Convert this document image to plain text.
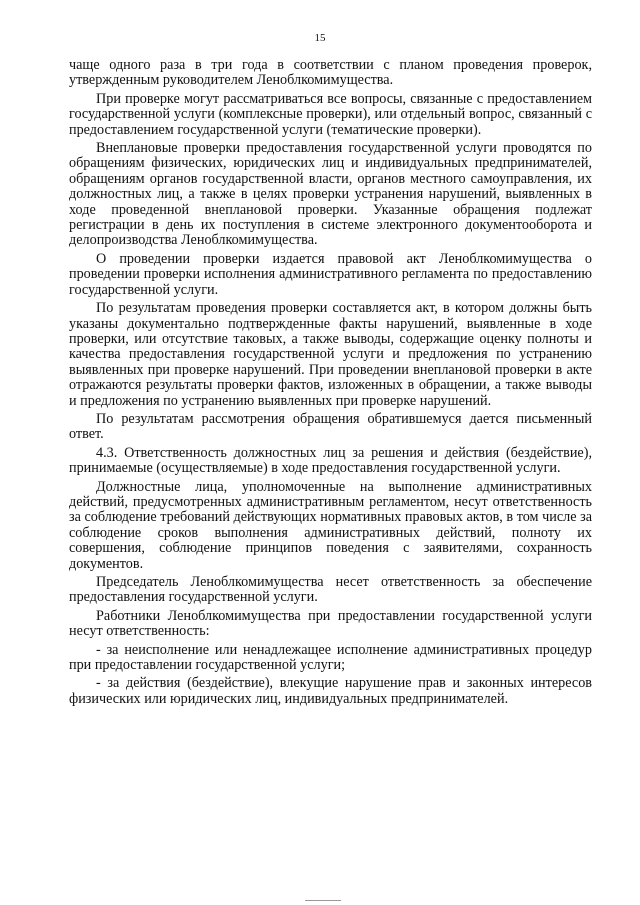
15

чаще одного раза в три года в соответствии с планом проведения проверок, утвержденным руководителем Леноблкомимущества.

При проверке могут рассматриваться все вопросы, связанные с предоставлением государственной услуги (комплексные проверки), или отдельный вопрос, связанный с предоставлением государственной услуги (тематические проверки).

Внеплановые проверки предоставления государственной услуги проводятся по обращениям физических, юридических лиц и индивидуальных предпринимателей, обращениям органов государственной власти, органов местного самоуправления, их должностных лиц, а также в целях проверки устранения нарушений, выявленных в ходе проведенной внеплановой проверки. Указанные обращения подлежат регистрации в день их поступления в системе электронного документооборота и делопроизводства Леноблкомимущества.

О проведении проверки издается правовой акт Леноблкомимущества о проведении проверки исполнения административного регламента по предоставлению государственной услуги.

По результатам проведения проверки составляется акт, в котором должны быть указаны документально подтвержденные факты нарушений, выявленные в ходе проверки, или отсутствие таковых, а также выводы, содержащие оценку полноты и качества предоставления государственной услуги и предложения по устранению выявленных при проверке нарушений. При проведении внеплановой проверки в акте отражаются результаты проверки фактов, изложенных в обращении, а также выводы и предложения по устранению выявленных при проверке нарушений.

По результатам рассмотрения обращения обратившемуся дается письменный ответ.

4.3. Ответственность должностных лиц за решения и действия (бездействие), принимаемые (осуществляемые) в ходе предоставления государственной услуги.

Должностные лица, уполномоченные на выполнение административных действий, предусмотренных административным регламентом, несут ответственность за соблюдение требований действующих нормативных правовых актов, в том числе за соблюдение сроков выполнения административных действий, полноту их совершения, соблюдение принципов поведения с заявителями, сохранность документов.

Председатель Леноблкомимущества несет ответственность за обеспечение предоставления государственной услуги.

Работники Леноблкомимущества при предоставлении государственной услуги несут ответственность:

- за неисполнение или ненадлежащее исполнение административных процедур при предоставлении государственной услуги;

- за действия (бездействие), влекущие нарушение прав и законных интересов физических или юридических лиц, индивидуальных предпринимателей.
